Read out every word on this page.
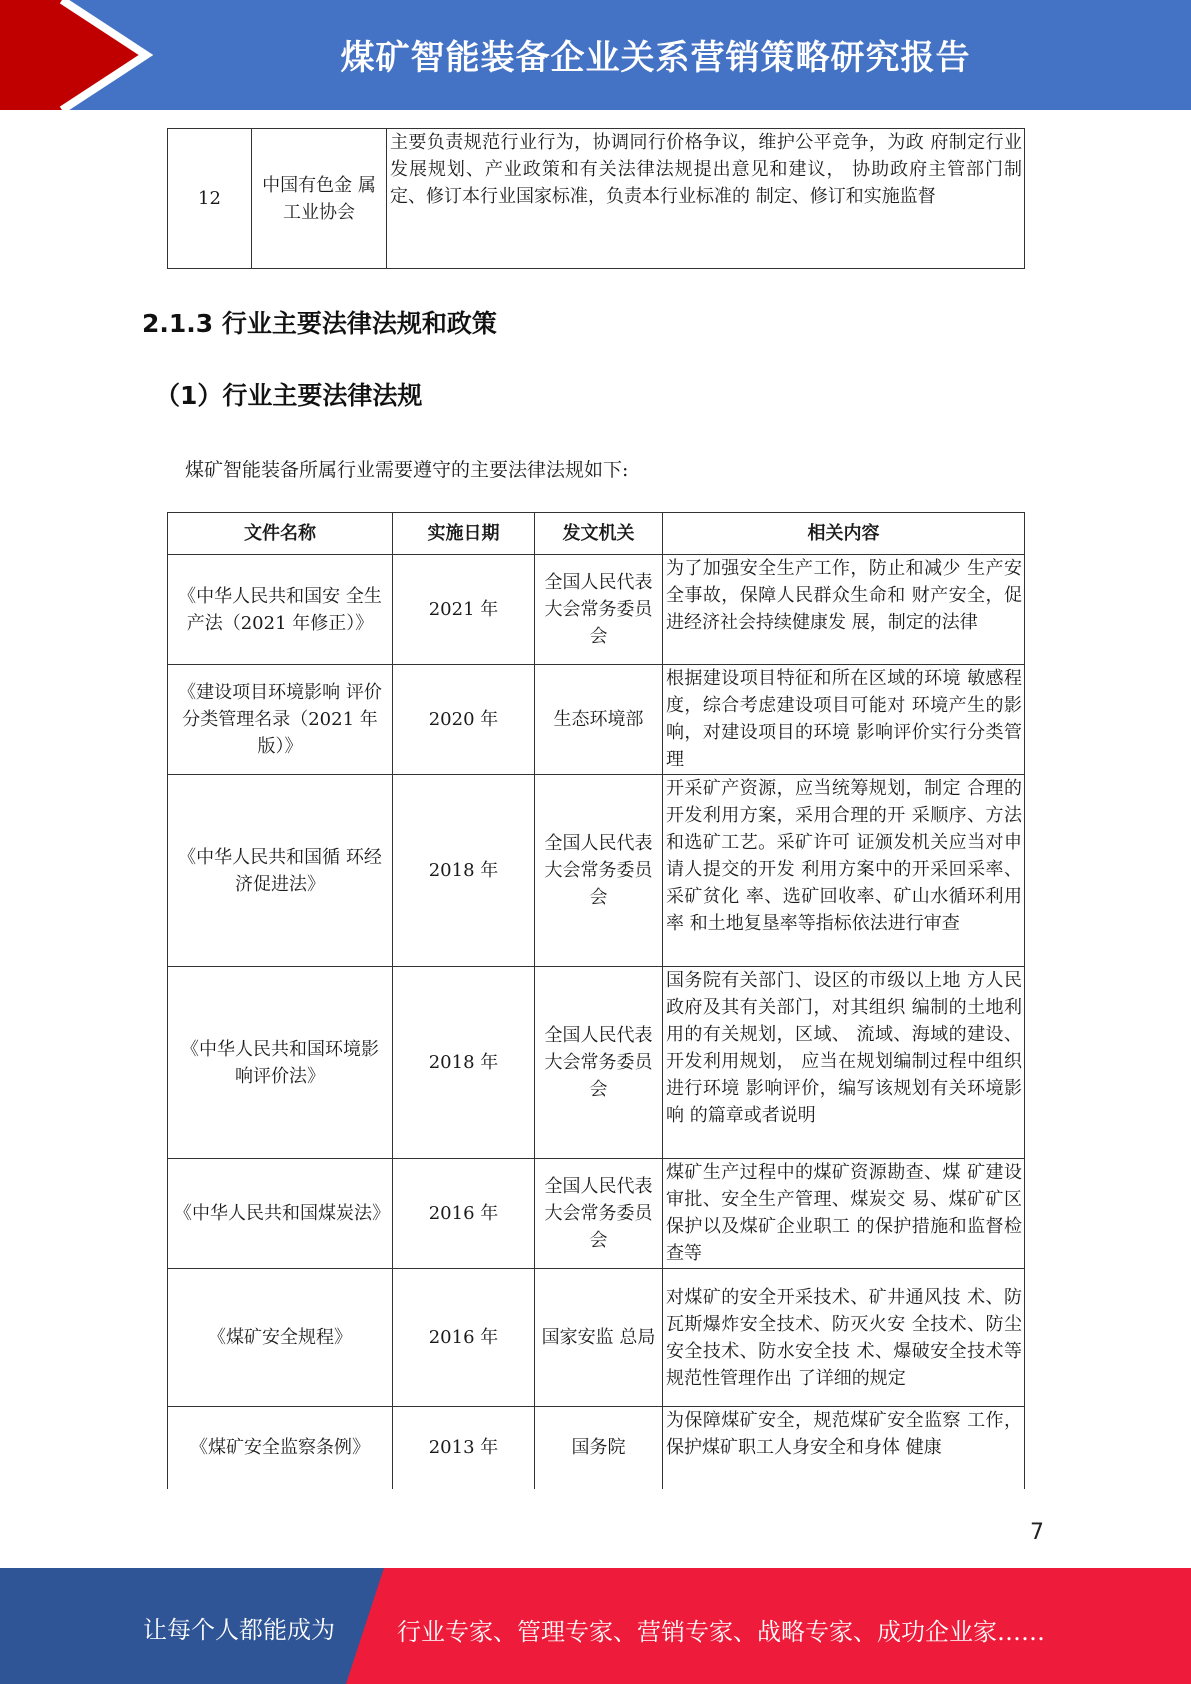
煤矿智能装备企业关系营销策略研究报告
12	中国有色金 属工业协会	主要负责规范行业行为，协调同行价格争议，维护公平竞争，为政 府制定行业发展规划、产业政策和有关法律法规提出意见和建议， 协助政府主管部门制定、修订本行业国家标准，负责本行业标准的 制定、修订和实施监督
2.1.3 行业主要法律法规和政策
（1）行业主要法律法规
煤矿智能装备所属行业需要遵守的主要法律法规如下:
文件名称	实施日期	发文机关	相关内容
《中华人民共和国安 全生产法（2021 年修正）》	2021 年	全国人民代表大会常务委员会	为了加强安全生产工作，防止和减少 生产安全事故，保障人民群众生命和 财产安全，促进经济社会持续健康发 展，制定的法律
《建设项目环境影响 评价分类管理名录（2021 年版）》	2020 年	生态环境部	根据建设项目特征和所在区域的环境 敏感程度，综合考虑建设项目可能对 环境产生的影响，对建设项目的环境 影响评价实行分类管理
《中华人民共和国循 环经济促进法》	2018 年	全国人民代表大会常务委员会	开采矿产资源，应当统筹规划，制定 合理的开发利用方案，采用合理的开 采顺序、方法和选矿工艺。采矿许可 证颁发机关应当对申请人提交的开发 利用方案中的开采回采率、采矿贫化 率、选矿回收率、矿山水循环利用率 和土地复垦率等指标依法进行审查
《中华人民共和国环境影响评价法》	2018 年	全国人民代表大会常务委员会	国务院有关部门、设区的市级以上地 方人民政府及其有关部门，对其组织 编制的土地利用的有关规划，区域、 流域、海域的建设、开发利用规划， 应当在规划编制过程中组织进行环境 影响评价，编写该规划有关环境影响 的篇章或者说明
《中华人民共和国煤炭法》	2016 年	全国人民代表大会常务委员会	煤矿生产过程中的煤矿资源勘查、煤 矿建设审批、安全生产管理、煤炭交 易、煤矿矿区保护以及煤矿企业职工 的保护措施和监督检查等
《煤矿安全规程》	2016 年	国家安监 总局	对煤矿的安全开采技术、矿井通风技 术、防瓦斯爆炸安全技术、防灭火安 全技术、防尘安全技术、防水安全技 术、爆破安全技术等规范性管理作出 了详细的规定
《煤矿安全监察条例》	2013 年	国务院	为保障煤矿安全，规范煤矿安全监察 工作，保护煤矿职工人身安全和身体 健康
7
让每个人都能成为	行业专家、管理专家、营销专家、战略专家、成功企业家……
